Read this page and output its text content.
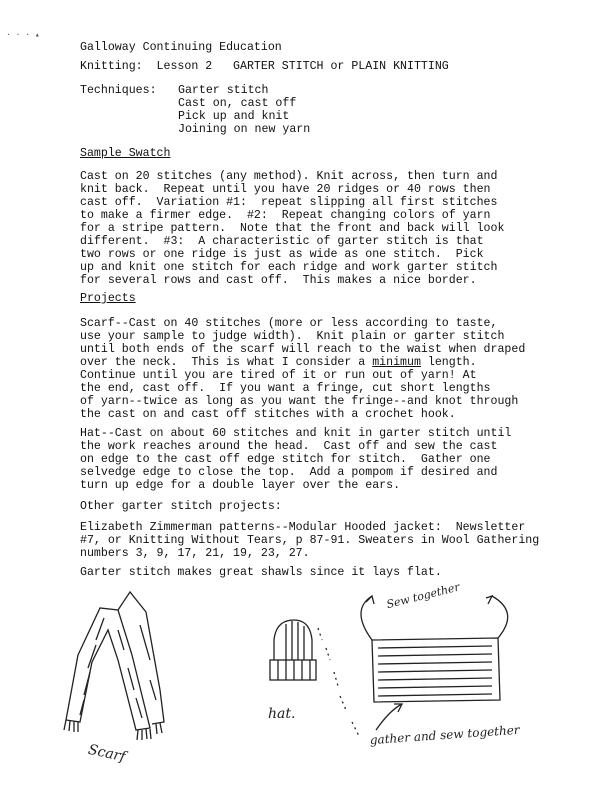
· · · ▴
Galloway Continuing Education
Knitting:  Lesson 2   GARTER STITCH or PLAIN KNITTING
Techniques: Garter stitch
Cast on, cast off
Pick up and knit
Joining on new yarn
Sample Swatch
Cast on 20 stitches (any method). Knit across, then turn and
knit back.  Repeat until you have 20 ridges or 40 rows then
cast off.  Variation #1:  repeat slipping all first stitches
to make a firmer edge.  #2:  Repeat changing colors of yarn
for a stripe pattern.  Note that the front and back will look
different.  #3:  A characteristic of garter stitch is that
two rows or one ridge is just as wide as one stitch.  Pick
up and knit one stitch for each ridge and work garter stitch
for several rows and cast off.  This makes a nice border.
Projects
Scarf--Cast on 40 stitches (more or less according to taste,
use your sample to judge width).  Knit plain or garter stitch
until both ends of the scarf will reach to the waist when draped
over the neck.  This is what I consider a minimum length.
Continue until you are tired of it or run out of yarn! At
the end, cast off.  If you want a fringe, cut short lengths
of yarn--twice as long as you want the fringe--and knot through
the cast on and cast off stitches with a crochet hook.
Hat--Cast on about 60 stitches and knit in garter stitch until
the work reaches around the head.  Cast off and sew the cast
on edge to the cast off edge stitch for stitch.  Gather one
selvedge edge to close the top.  Add a pompom if desired and
turn up edge for a double layer over the ears.
Other garter stitch projects:
Elizabeth Zimmerman patterns--Modular Hooded jacket:  Newsletter
#7, or Knitting Without Tears, p 87-91. Sweaters in Wool Gathering
numbers 3, 9, 17, 21, 19, 23, 27.
Garter stitch makes great shawls since it lays flat.
Scarf
hat.
Sew together
gather and sew together
